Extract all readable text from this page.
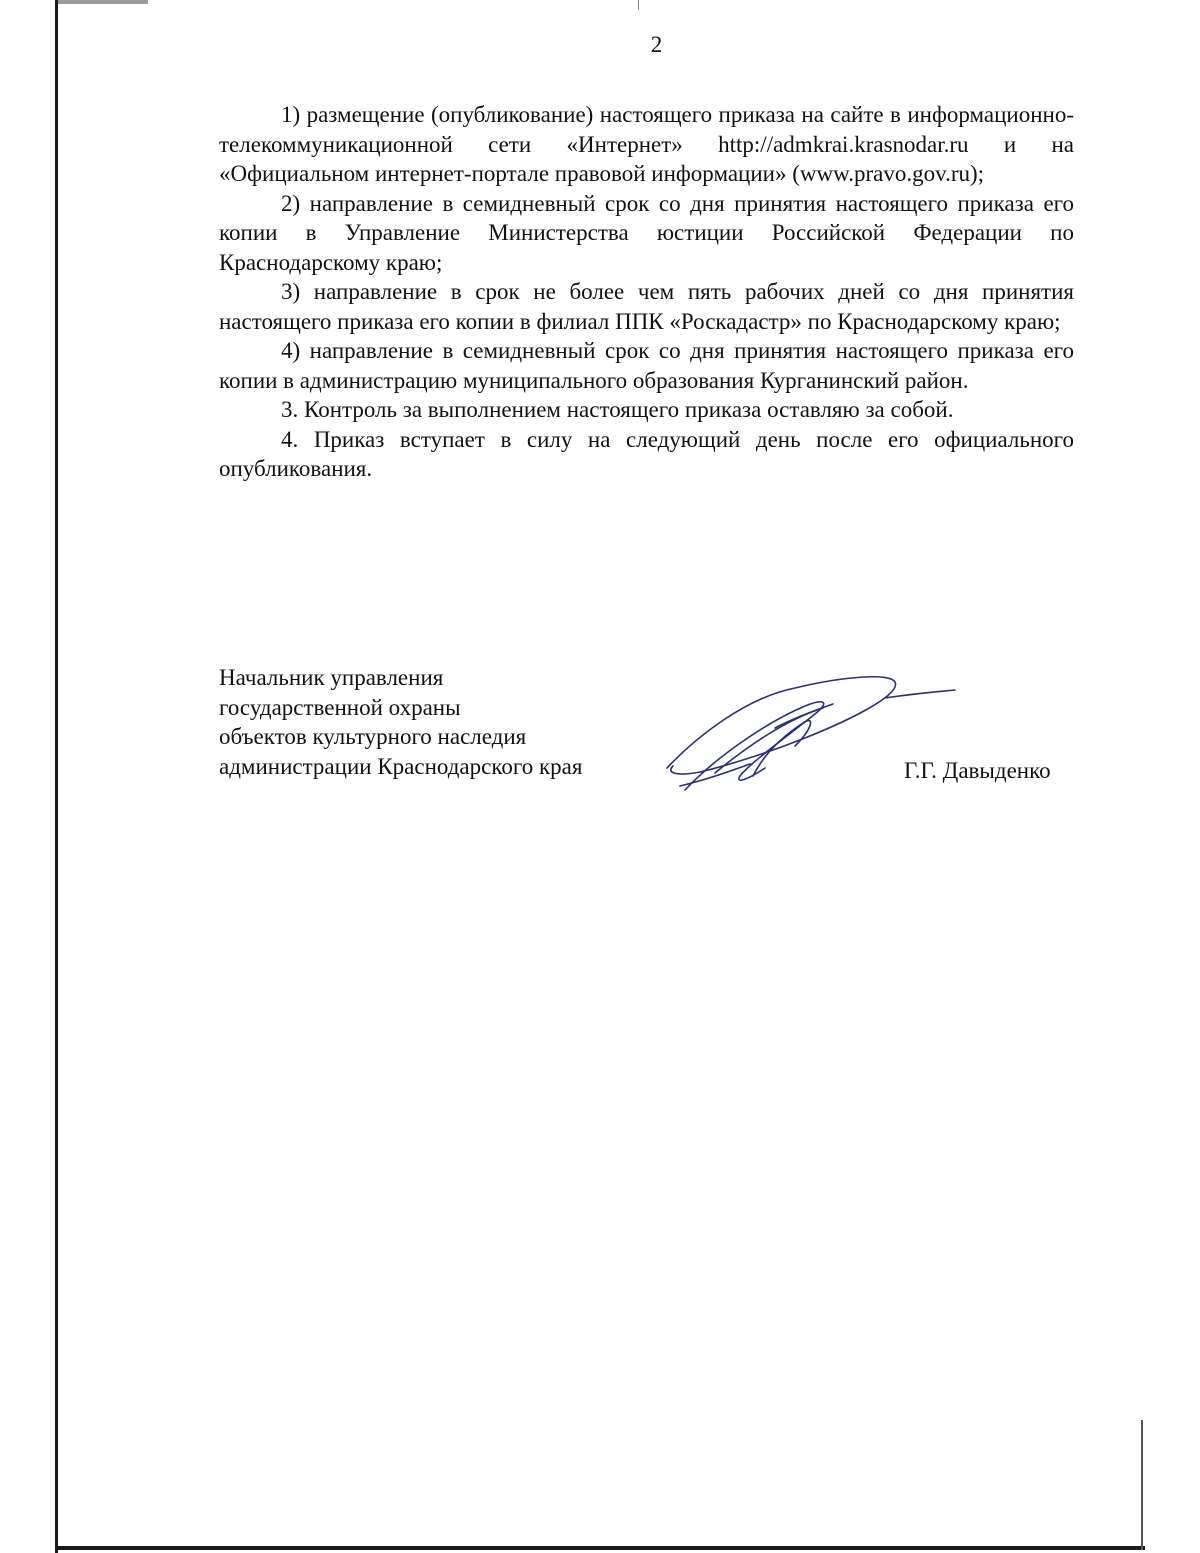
2

1) размещение (опубликование) настоящего приказа на сайте в информационно-телекоммуникационной сети «Интернет» http://admkrai.krasnodar.ru и на «Официальном интернет-портале правовой информации» (www.pravo.gov.ru);

2) направление в семидневный срок со дня принятия настоящего приказа его копии в Управление Министерства юстиции Российской Федерации по Краснодарскому краю;

3) направление в срок не более чем пять рабочих дней со дня принятия настоящего приказа его копии в филиал ППК «Роскадастр» по Краснодарскому краю;

4) направление в семидневный срок со дня принятия настоящего приказа его копии в администрацию муниципального образования Курганинский район.

3. Контроль за выполнением настоящего приказа оставляю за собой.

4. Приказ вступает в силу на следующий день после его официального опубликования.

Начальник управления
государственной охраны
объектов культурного наследия
администрации Краснодарского края	Г.Г. Давыденко
